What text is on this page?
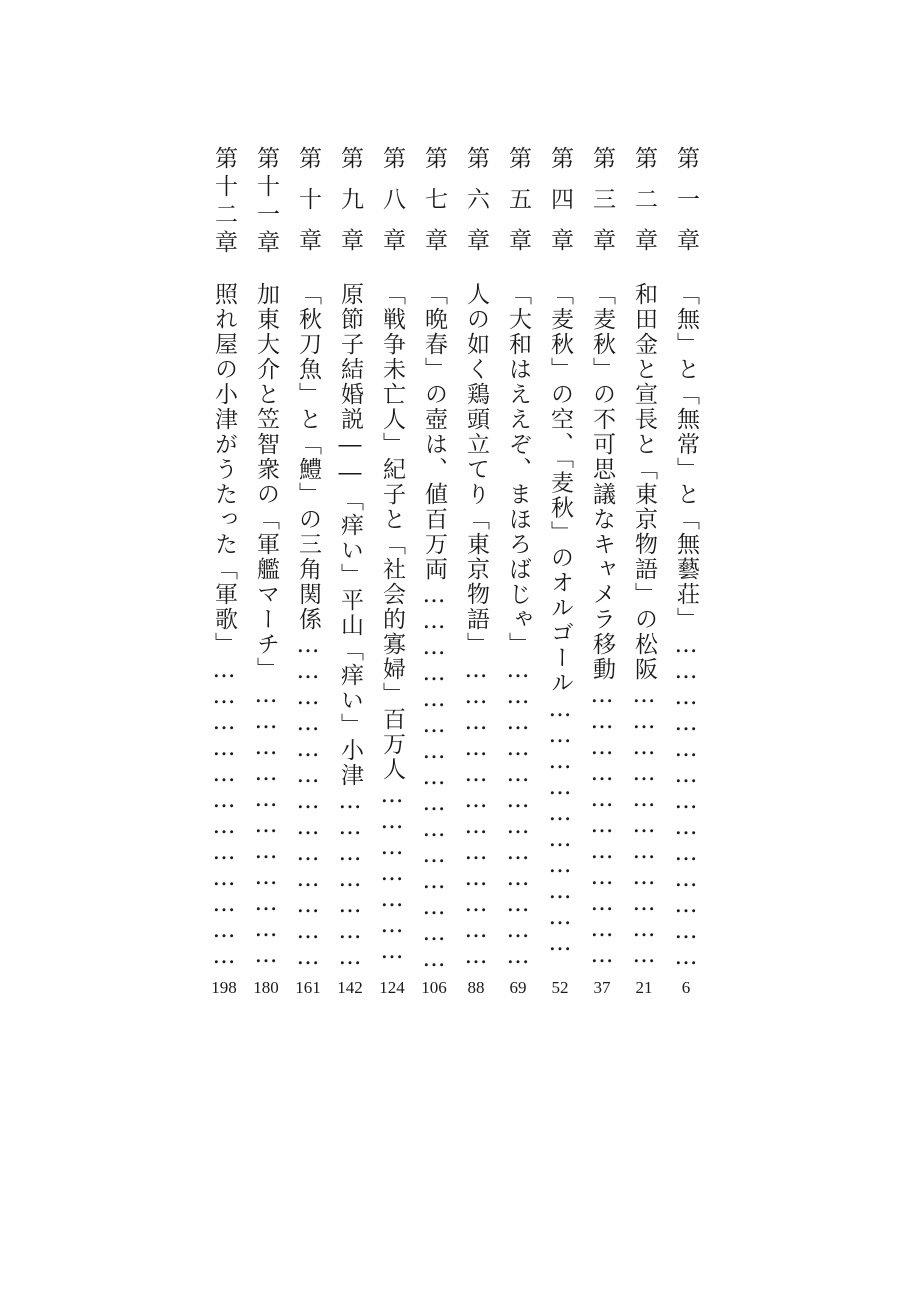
第一章
「無」と「無常」と「無藝荘」 ……………………………………………………………………………………
6
第二章
和田金と宣長と「東京物語」の松阪 ……………………………………………………………………………………
21
第三章
「麦秋」の不可思議なキャメラ移動 ……………………………………………………………………………………
37
第四章
「麦秋」の空、「麦秋」のオルゴール ……………………………………………………………………………………
52
第五章
「大和はええぞ、まほろばじゃ」 ……………………………………………………………………………………
69
第六章
人の如く鶏頭立てり「東京物語」 ……………………………………………………………………………………
88
第七章
「晩春」の壺は、値百万両 ……………………………………………………………………………………
106
第八章
「戦争未亡人」紀子と「社会的寡婦」百万人 ……………………………………………………………………………………
124
第九章
原節子結婚説――「痒い」平山「痒い」小津 ……………………………………………………………………………………
142
第十章
「秋刀魚」と「鱧」の三角関係 ……………………………………………………………………………………
161
第十一章
加東大介と笠智衆の「軍艦マーチ」 ……………………………………………………………………………………
180
第十二章
照れ屋の小津がうたった「軍歌」 ……………………………………………………………………………………
198
